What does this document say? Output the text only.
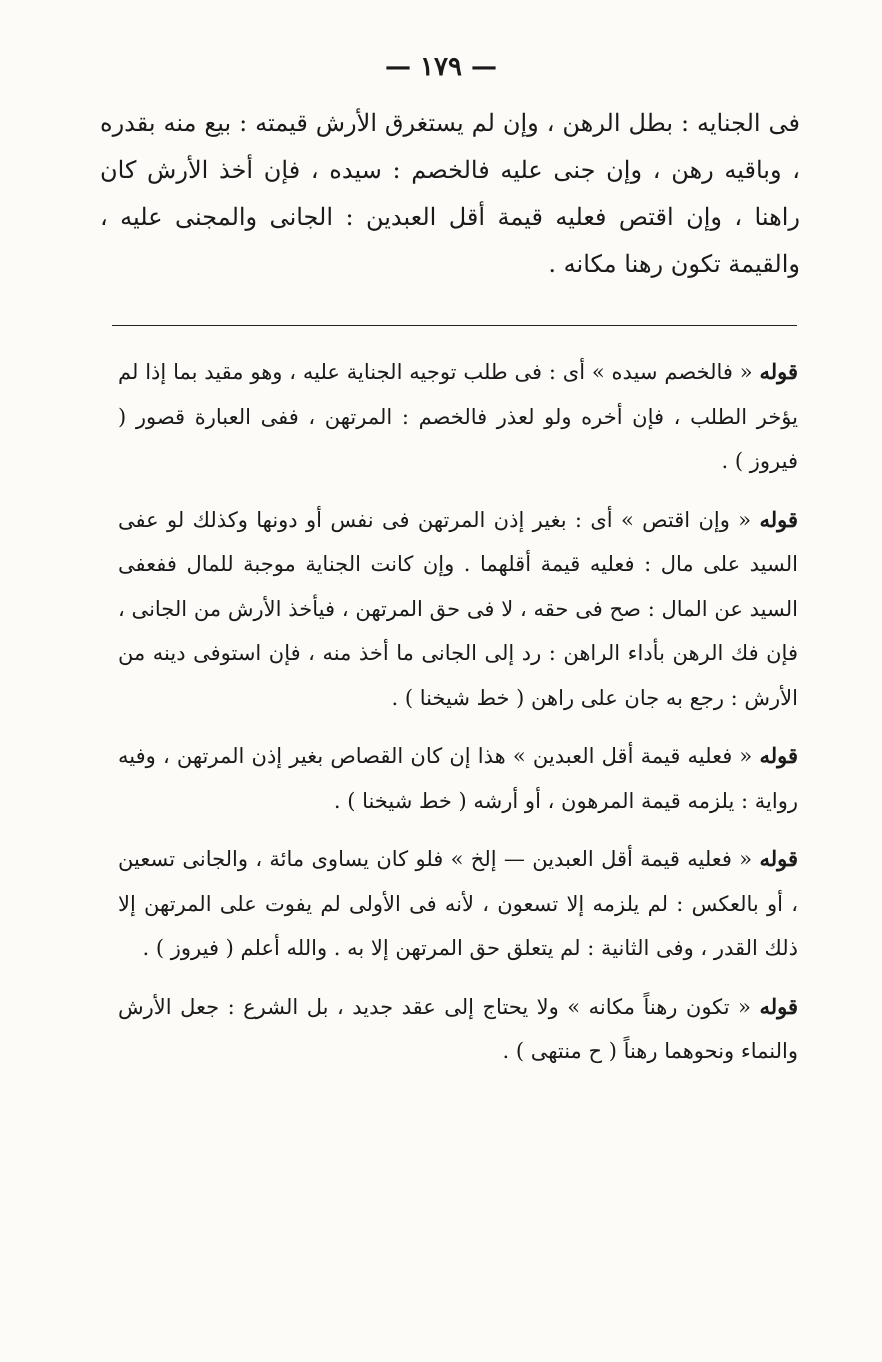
— ١٧٩ —

فى الجنايه : بطل الرهن ، وإن لم يستغرق الأرش قيمته : بيع منه بقدره ، وباقيه رهن ، وإن جنى عليه فالخصم : سيده ، فإن أخذ الأرش كان راهنا ، وإن اقتص فعليه قيمة أقل العبدين : الجانى والمجنى عليه ، والقيمة تكون رهنا مكانه .

قوله « فالخصم سيده » أى : فى طلب توجيه الجناية عليه ، وهو مقيد بما إذا لم يؤخر الطلب ، فإن أخره ولو لعذر فالخصم : المرتهن ، ففى العبارة قصور ( فيروز ) .

قوله « وإن اقتص » أى : بغير إذن المرتهن فى نفس أو دونها وكذلك لو عفى السيد على مال : فعليه قيمة أقلهما . وإن كانت الجناية موجبة للمال ففعفى السيد عن المال : صح فى حقه ، لا فى حق المرتهن ، فيأخذ الأرش من الجانى ، فإن فك الرهن بأداء الراهن : رد إلى الجانى ما أخذ منه ، فإن استوفى دينه من الأرش : رجع به جان على راهن ( خط شيخنا ) .

قوله « فعليه قيمة أقل العبدين » هذا إن كان القصاص بغير إذن المرتهن ، وفيه رواية : يلزمه قيمة المرهون ، أو أرشه ( خط شيخنا ) .

قوله « فعليه قيمة أقل العبدين — إلخ » فلو كان يساوى مائة ، والجانى تسعين ، أو بالعكس : لم يلزمه إلا تسعون ، لأنه فى الأولى لم يفوت على المرتهن إلا ذلك القدر ، وفى الثانية : لم يتعلق حق المرتهن إلا به . والله أعلم ( فيروز ) .

قوله « تكون رهناً مكانه » ولا يحتاج إلى عقد جديد ، بل الشرع : جعل الأرش والنماء ونحوهما رهناً ( ح منتهى ) .
